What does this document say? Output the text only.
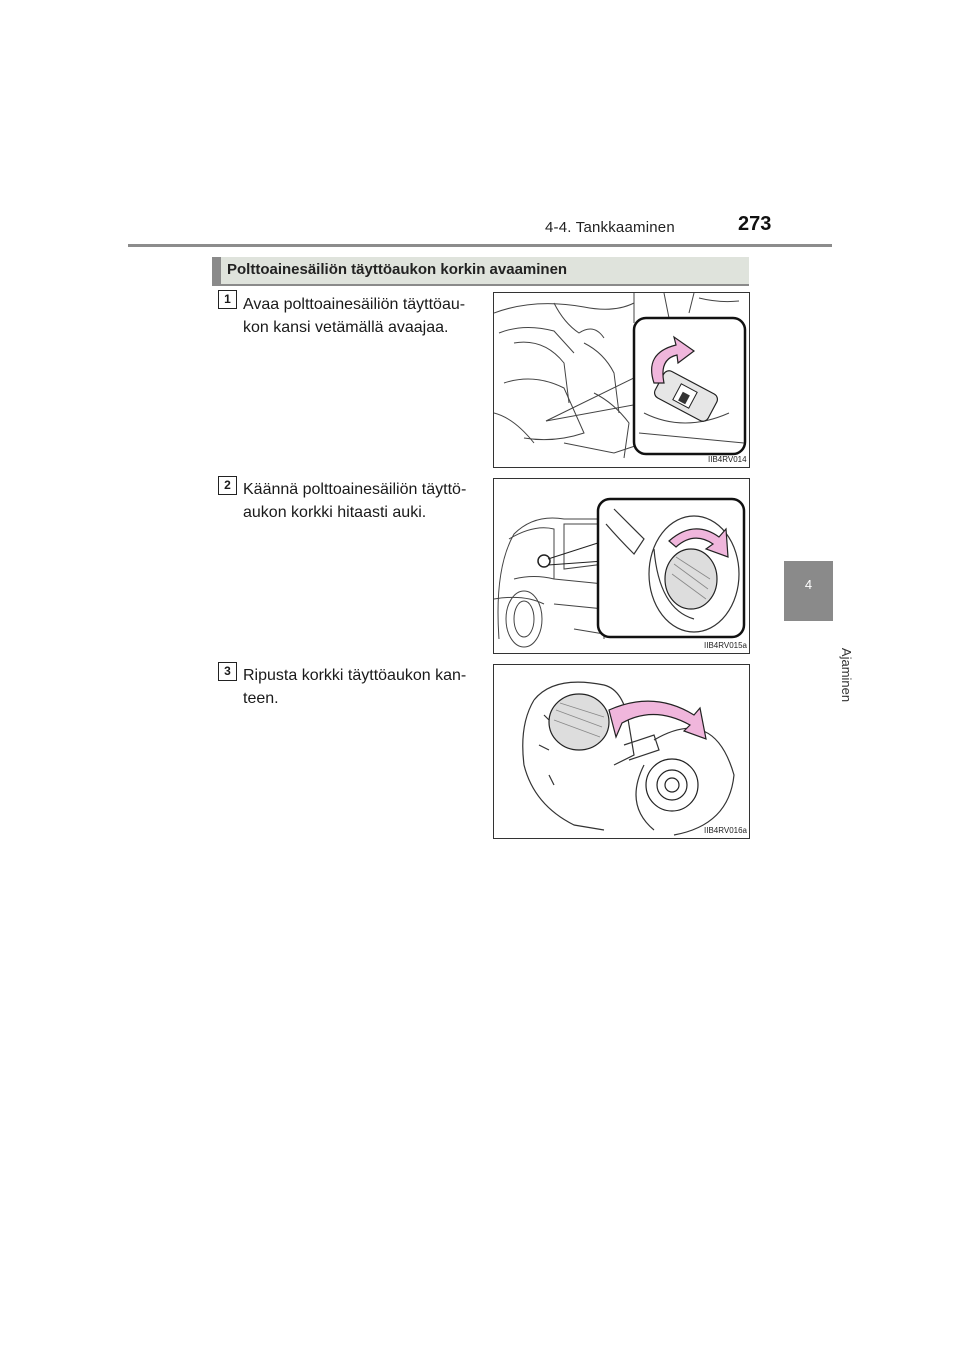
4-4. Tankkaaminen	273
4
Ajaminen
Polttoainesäiliön täyttöaukon korkin avaaminen
1 Avaa polttoainesäiliön täyttöau-
kon kansi vetämällä avaajaa.
IIB4RV014
2 Käännä polttoainesäiliön täyttö-
aukon korkki hitaasti auki.
IIB4RV015a
3 Ripusta korkki täyttöaukon kan-
teen.
IIB4RV016a
